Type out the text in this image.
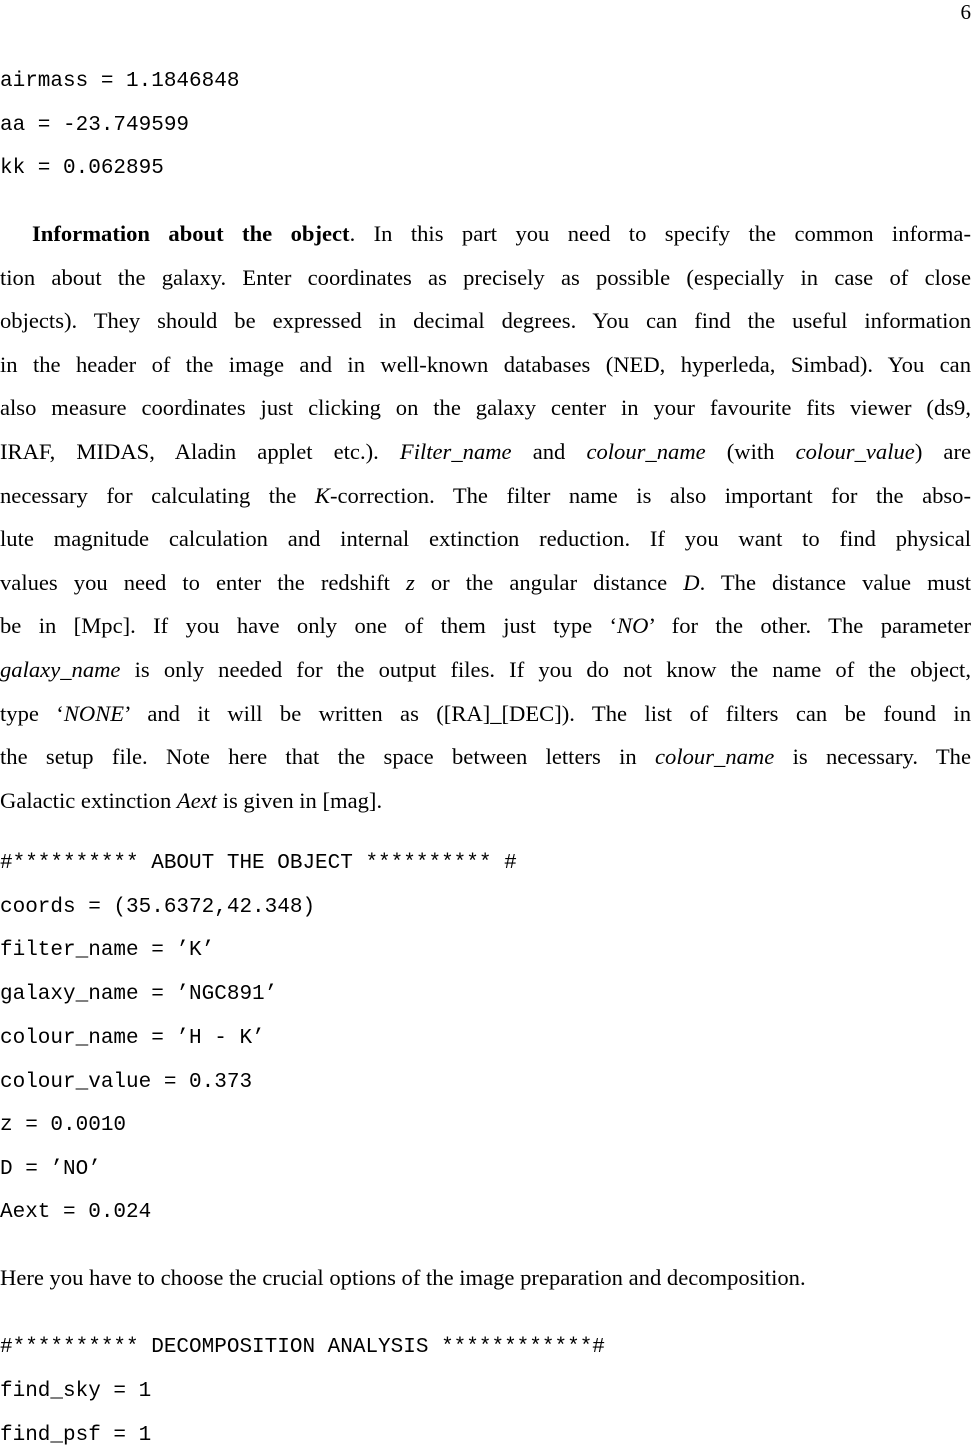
6
airmass = 1.1846848
aa = -23.749599
kk = 0.062895
Information about the object. In this part you need to specify the common informa-
tion about the galaxy. Enter coordinates as precisely as possible (especially in case of close
objects). They should be expressed in decimal degrees. You can find the useful information
in the header of the image and in well-known databases (NED, hyperleda, Simbad). You can
also measure coordinates just clicking on the galaxy center in your favourite fits viewer (ds9,
IRAF, MIDAS, Aladin applet etc.). Filter_name and colour_name (with colour_value) are
necessary for calculating the K-correction. The filter name is also important for the abso-
lute magnitude calculation and internal extinction reduction. If you want to find physical
values you need to enter the redshift z or the angular distance D. The distance value must
be in [Mpc]. If you have only one of them just type ‘NO’ for the other. The parameter
galaxy_name is only needed for the output files. If you do not know the name of the object,
type ‘NONE’ and it will be written as ([RA]_[DEC]). The list of filters can be found in
the setup file. Note here that the space between letters in colour_name is necessary. The
Galactic extinction Aext is given in [mag].
#********** ABOUT THE OBJECT ********** #
coords = (35.6372,42.348)
filter_name = ’K’
galaxy_name = ’NGC891’
colour_name = ’H - K’
colour_value = 0.373
z = 0.0010
D = ’NO’
Aext = 0.024
Here you have to choose the crucial options of the image preparation and decomposition.
#********** DECOMPOSITION ANALYSIS ************#
find_sky = 1
find_psf = 1
